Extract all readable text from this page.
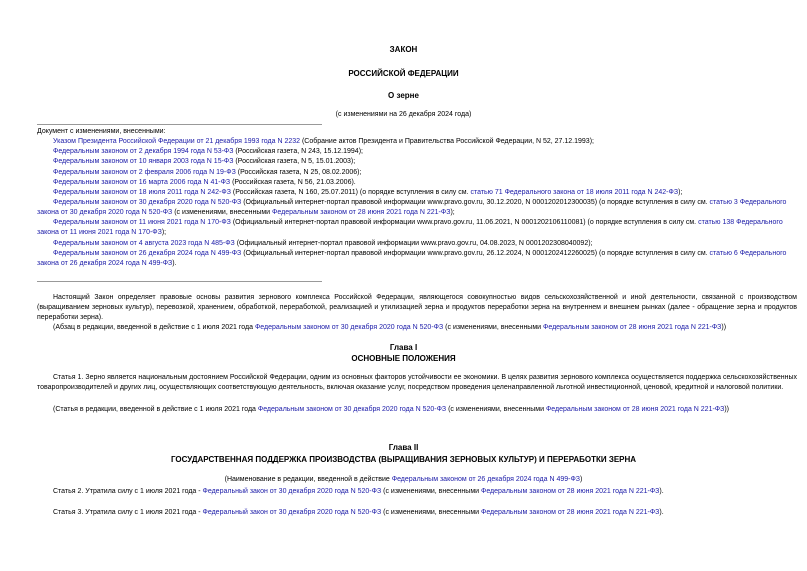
ЗАКОН
РОССИЙСКОЙ ФЕДЕРАЦИИ
О зерне
(с изменениями на 26 декабря 2024 года)

Документ с изменениями, внесенными:

Указом Президента Российской Федерации от 21 декабря 1993 года N 2232 (Собрание актов Президента и Правительства Российской Федерации, N 52, 27.12.1993);

Федеральным законом от 2 декабря 1994 года N 53-ФЗ (Российская газета, N 243, 15.12.1994);

Федеральным законом от 10 января 2003 года N 15-ФЗ (Российская газета, N 5, 15.01.2003);

Федеральным законом от 2 февраля 2006 года N 19-ФЗ (Российская газета, N 25, 08.02.2006);

Федеральным законом от 16 марта 2006 года N 41-ФЗ (Российская газета, N 56, 21.03.2006).

Федеральным законом от 18 июля 2011 года N 242-ФЗ (Российская газета, N 160, 25.07.2011) (о порядке вступления в силу см. статью 71 Федерального закона от 18 июля 2011 года N 242-ФЗ);

Федеральным законом от 30 декабря 2020 года N 520-ФЗ (Официальный интернет-портал правовой информации www.pravo.gov.ru, 30.12.2020, N 0001202012300035) (о порядке вступления в силу см. статью 3 Федерального закона от 30 декабря 2020 года N 520-ФЗ (с изменениями, внесенными Федеральным законом от 28 июня 2021 года N 221-ФЗ);

Федеральным законом от 11 июня 2021 года N 170-ФЗ (Официальный интернет-портал правовой информации www.pravo.gov.ru, 11.06.2021, N 0001202106110081) (о порядке вступления в силу см. статью 138 Федерального закона от 11 июня 2021 года N 170-ФЗ);

Федеральным законом от 4 августа 2023 года N 485-ФЗ (Официальный интернет-портал правовой информации www.pravo.gov.ru, 04.08.2023, N 0001202308040092);

Федеральным законом от 26 декабря 2024 года N 499-ФЗ (Официальный интернет-портал правовой информации www.pravo.gov.ru, 26.12.2024, N 0001202412260025) (о порядке вступления в силу см. статью 6 Федерального закона от 26 декабря 2024 года N 499-ФЗ).

Настоящий Закон определяет правовые основы развития зернового комплекса Российской Федерации, являющегося совокупностью видов сельскохозяйственной и иной деятельности, связанной с производством (выращиванием зерновых культур), перевозкой, хранением, обработкой, переработкой, реализацией и утилизацией зерна и продуктов переработки зерна на внутреннем и внешнем рынках (далее - обращение зерна и продуктов переработки зерна).

(Абзац в редакции, введенной в действие с 1 июля 2021 года Федеральным законом от 30 декабря 2020 года N 520-ФЗ (с изменениями, внесенными Федеральным законом от 28 июня 2021 года N 221-ФЗ))

Глава I
ОСНОВНЫЕ ПОЛОЖЕНИЯ

Статья 1. Зерно является национальным достоянием Российской Федерации, одним из основных факторов устойчивости ее экономики. В целях развития зернового комплекса осуществляется поддержка сельскохозяйственных товаропроизводителей и других лиц, осуществляющих соответствующую деятельность, включая оказание услуг, посредством проведения целенаправленной льготной инвестиционной, ценовой, кредитной и налоговой политики.

(Статья в редакции, введенной в действие с 1 июля 2021 года Федеральным законом от 30 декабря 2020 года N 520-ФЗ (с изменениями, внесенными Федеральным законом от 28 июня 2021 года N 221-ФЗ))

Глава II
ГОСУДАРСТВЕННАЯ ПОДДЕРЖКА ПРОИЗВОДСТВА (ВЫРАЩИВАНИЯ ЗЕРНОВЫХ КУЛЬТУР) И ПЕРЕРАБОТКИ ЗЕРНА
(Наименование в редакции, введенной в действие Федеральным законом от 26 декабря 2024 года N 499-ФЗ)

Статья 2. Утратила силу с 1 июля 2021 года - Федеральный закон от 30 декабря 2020 года N 520-ФЗ (с изменениями, внесенными Федеральным законом от 28 июня 2021 года N 221-ФЗ).

Статья 3. Утратила силу с 1 июля 2021 года - Федеральный закон от 30 декабря 2020 года N 520-ФЗ (с изменениями, внесенными Федеральным законом от 28 июня 2021 года N 221-ФЗ).
